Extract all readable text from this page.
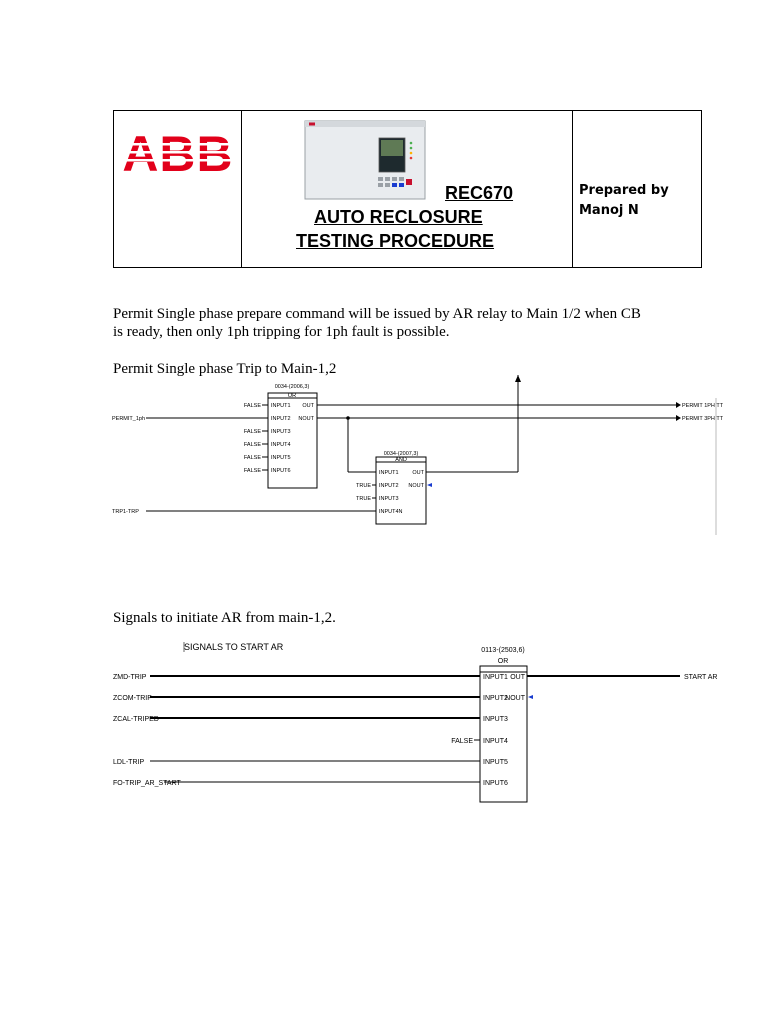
REC670
AUTO RECLOSURE
TESTING PROCEDURE
Prepared by
Manoj N
Permit Single phase prepare command will be issued by AR relay to Main 1/2 when CB
is ready, then only 1ph tripping for 1ph fault is possible.
Permit Single phase Trip to Main-1,2
0034-(2006,3)
OR
0034-(2007,3)
AND
INPUT1
INPUT2
INPUT3
INPUT4
INPUT5
INPUT6
OUT
NOUT
FALSE
FALSE
FALSE
FALSE
FALSE	INPUT1
INPUT2
INPUT3
INPUT4N
OUT
NOUT
TRUE
TRUE
PERMIT_1ph
TRP1-TRP
PERMIT 1PH TT
PERMIT 3PH TT
Signals to initiate AR from main-1,2.
SIGNALS TO START AR	0113-(2503,6)
OR
INPUT1
INPUT2
INPUT3
INPUT4
INPUT5
INPUT6
OUT
NOUT
ZMD-TRIP
ZCOM-TRIP
ZCAL-TRIPED
FALSE
LDL-TRIP
FO-TRIP_AR_START
START AR
